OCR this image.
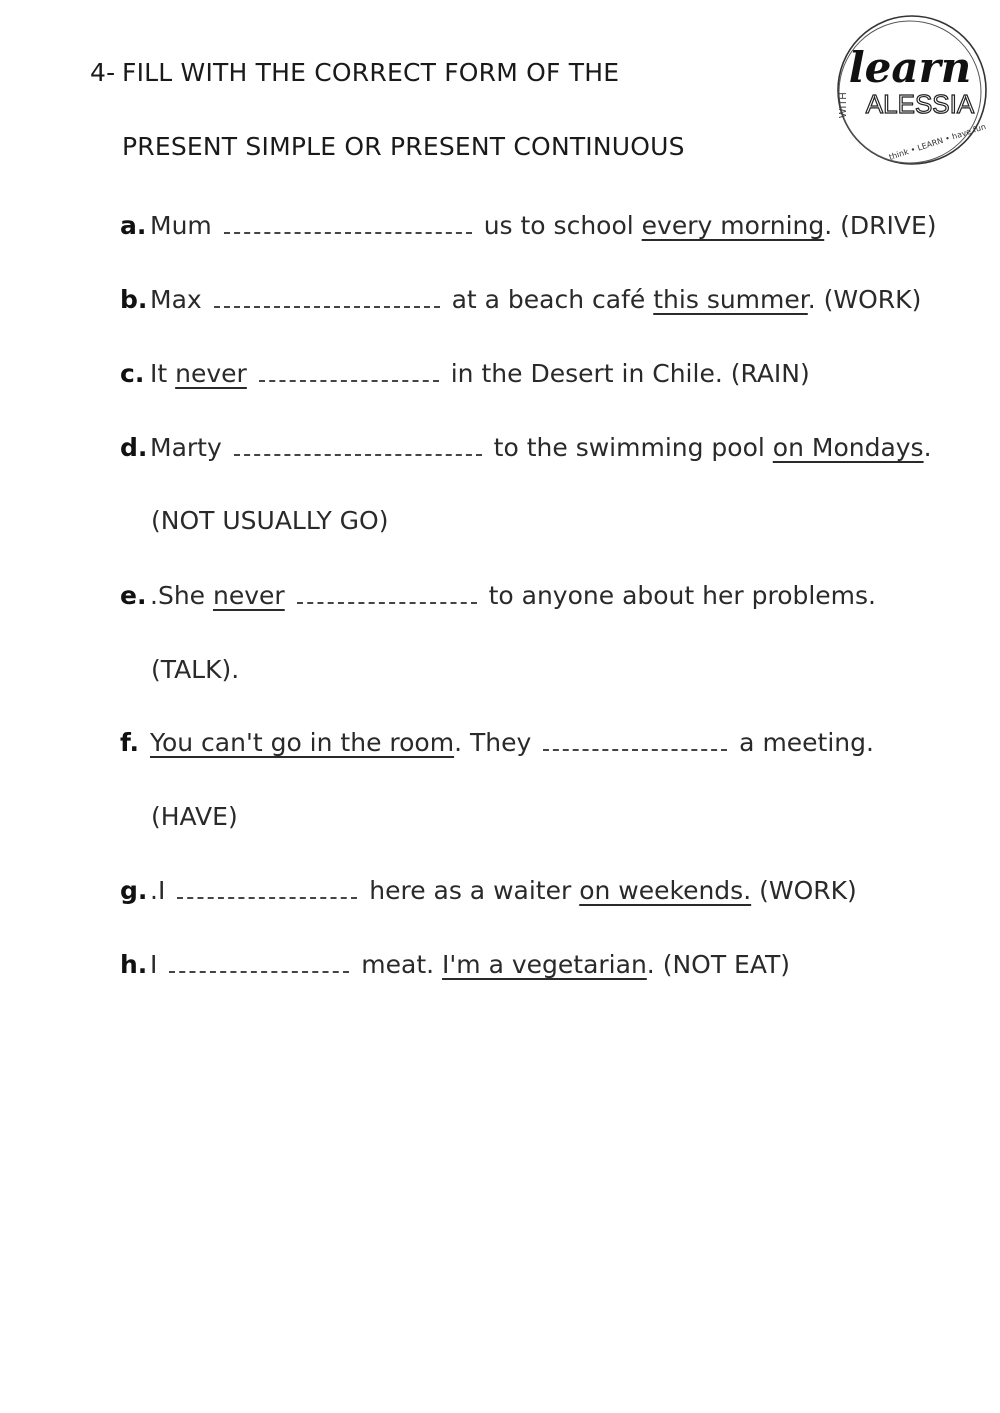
4- FILL WITH THE CORRECT FORM OF THE
PRESENT SIMPLE OR PRESENT CONTINUOUS
learn
ALESSIA
WITH
think • LEARN • have fun
a. Mum	us to school every morning. (DRIVE)
b. Max	at a beach café this summer. (WORK)
c. It never	in the Desert in Chile. (RAIN)
d. Marty	to the swimming pool on Mondays.
(NOT USUALLY GO)
e. .She never	to anyone about her problems.
(TALK).
f. You can't go in the room. They	a meeting.
(HAVE)
g. .I	here as a waiter on weekends. (WORK)
h. I	meat. I'm a vegetarian. (NOT EAT)
